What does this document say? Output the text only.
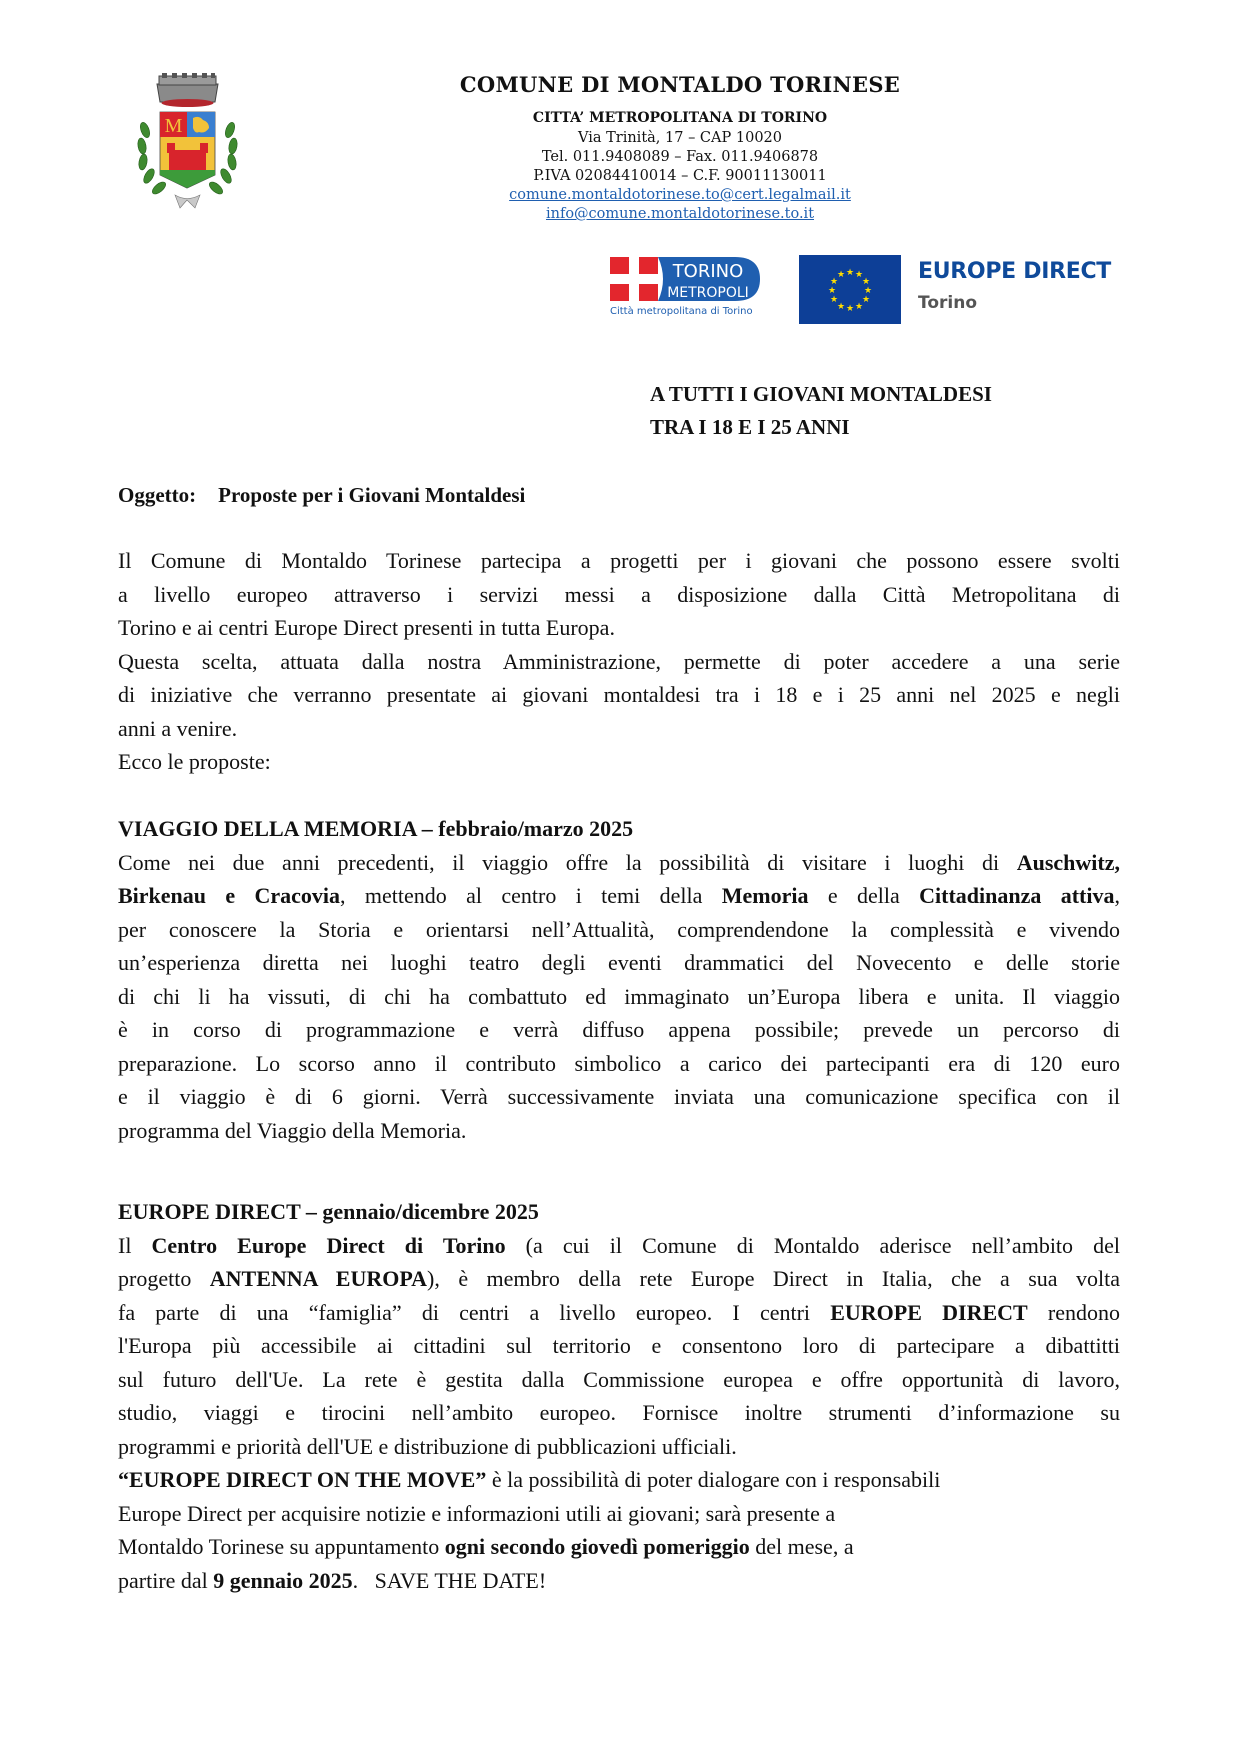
M
COMUNE DI MONTALDO TORINESE
CITTA’ METROPOLITANA DI TORINO
Via Trinità, 17 – CAP 10020
Tel. 011.9408089 – Fax. 011.9406878
P.IVA 02084410014 – C.F. 90011130011
comune.montaldotorinese.to@cert.legalmail.it
info@comune.montaldotorinese.to.it
TORINO
METROPOLI
Città metropolitana di Torino
★ ★
★
★
★
★
★
★
★
★
★
★	EUROPE DIRECT
Torino
A TUTTI I GIOVANI MONTALDESI
TRA I 18 E I 25 ANNI
Oggetto: Proposte per i Giovani Montaldesi
Il Comune di Montaldo Torinese partecipa a progetti per i giovani che possono essere svolti
a livello europeo attraverso i servizi messi a disposizione dalla Città Metropolitana di
Torino e ai centri Europe Direct presenti in tutta Europa.
Questa scelta, attuata dalla nostra Amministrazione, permette di poter accedere a una serie
di iniziative che verranno presentate ai giovani montaldesi tra i 18 e i 25 anni nel 2025 e negli
anni a venire.
Ecco le proposte:
VIAGGIO DELLA MEMORIA – febbraio/marzo 2025
Come nei due anni precedenti, il viaggio offre la possibilità di visitare i luoghi di Auschwitz,
Birkenau e Cracovia, mettendo al centro i temi della Memoria e della Cittadinanza attiva,
per conoscere la Storia e orientarsi nell’Attualità, comprendendone la complessità e vivendo
un’esperienza diretta nei luoghi teatro degli eventi drammatici del Novecento e delle storie
di chi li ha vissuti, di chi ha combattuto ed immaginato un’Europa libera e unita. Il viaggio
è in corso di programmazione e verrà diffuso appena possibile; prevede un percorso di
preparazione. Lo scorso anno il contributo simbolico a carico dei partecipanti era di 120 euro
e il viaggio è di 6 giorni. Verrà successivamente inviata una comunicazione specifica con il
programma del Viaggio della Memoria.
EUROPE DIRECT – gennaio/dicembre 2025
Il Centro Europe Direct di Torino (a cui il Comune di Montaldo aderisce nell’ambito del
progetto ANTENNA EUROPA), è membro della rete Europe Direct in Italia, che a sua volta
fa parte di una “famiglia” di centri a livello europeo. I centri EUROPE DIRECT rendono
l'Europa più accessibile ai cittadini sul territorio e consentono loro di partecipare a dibattitti
sul futuro dell'Ue. La rete è gestita dalla Commissione europea e offre opportunità di lavoro,
studio, viaggi e tirocini nell’ambito europeo. Fornisce inoltre strumenti d’informazione su
programmi e priorità dell'UE e distribuzione di pubblicazioni ufficiali.
“EUROPE DIRECT ON THE MOVE” è la possibilità di poter dialogare con i responsabili
Europe Direct per acquisire notizie e informazioni utili ai giovani; sarà presente a
Montaldo Torinese su appuntamento ogni secondo giovedì pomeriggio del mese, a
partire dal 9 gennaio 2025.   SAVE THE DATE!
